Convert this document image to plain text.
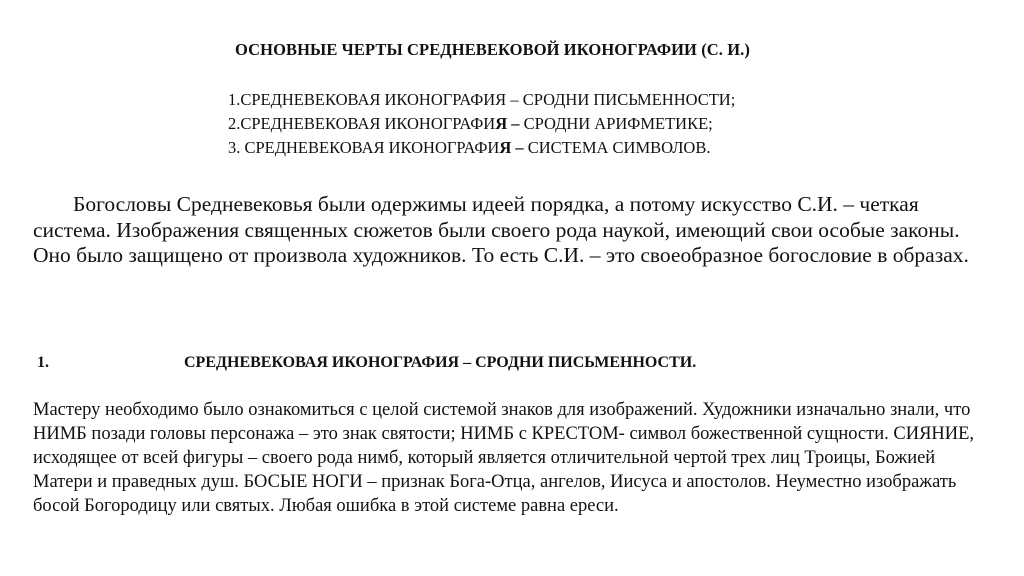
ОСНОВНЫЕ ЧЕРТЫ СРЕДНЕВЕКОВОЙ ИКОНОГРАФИИ (С. И.)
1.СРЕДНЕВЕКОВАЯ ИКОНОГРАФИЯ – СРОДНИ ПИСЬМЕННОСТИ;
2.СРЕДНЕВЕКОВАЯ ИКОНОГРАФИЯ – СРОДНИ АРИФМЕТИКЕ;
3. СРЕДНЕВЕКОВАЯ ИКОНОГРАФИЯ – СИСТЕМА СИМВОЛОВ.
Богословы Средневековья были одержимы идеей порядка, а потому искусство С.И. – четкая система. Изображения священных сюжетов были своего рода наукой, имеющий свои особые законы. Оно было защищено от произвола художников. То есть С.И. – это своеобразное богословие в образах.
1.	СРЕДНЕВЕКОВАЯ ИКОНОГРАФИЯ – СРОДНИ ПИСЬМЕННОСТИ.
Мастеру необходимо было ознакомиться с целой системой знаков для изображений. Художники изначально знали, что НИМБ позади головы персонажа – это знак святости; НИМБ с КРЕСТОМ- символ божественной сущности. СИЯНИЕ, исходящее от всей фигуры – своего рода нимб, который является отличительной чертой трех лиц Троицы, Божией Матери и праведных душ. БОСЫЕ НОГИ – признак Бога-Отца, ангелов, Иисуса и апостолов. Неуместно изображать босой Богородицу или святых. Любая ошибка в этой системе равна ереси.
